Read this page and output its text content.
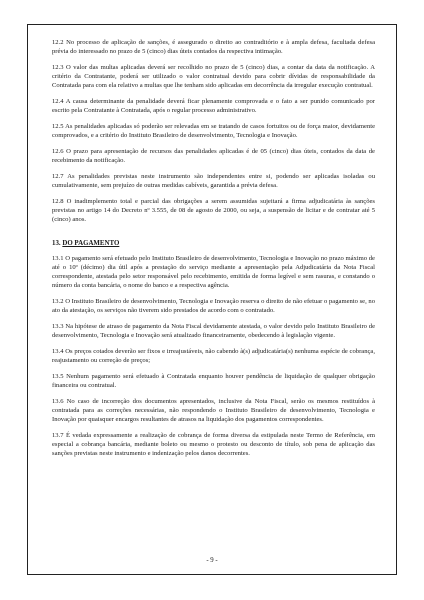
12.2 No processo de aplicação de sanções, é assegurado o direito ao contraditório e à ampla defesa, facultada defesa prévia do interessado no prazo de 5 (cinco) dias úteis contados da respectiva intimação.

12.3 O valor das multas aplicadas deverá ser recolhido no prazo de 5 (cinco) dias, a contar da data da notificação. A critério da Contratante, poderá ser utilizado o valor contratual devido para cobrir dívidas de responsabilidade da Contratada para com ela relativo a multas que lhe tenham sido aplicadas em decorrência da irregular execução contratual.

12.4 A causa determinante da penalidade deverá ficar plenamente comprovada e o fato a ser punido comunicado por escrito pela Contratante à Contratada, após o regular processo administrativo.

12.5 As penalidades aplicadas só poderão ser relevadas em se tratando de casos fortuitos ou de força maior, devidamente comprovados, e a critério do Instituto Brasileiro de desenvolvimento, Tecnologia e Inovação.

12.6 O prazo para apresentação de recursos das penalidades aplicadas é de 05 (cinco) dias úteis, contados da data de recebimento da notificação.

12.7 As penalidades previstas neste instrumento são independentes entre si, podendo ser aplicadas isoladas ou cumulativamente, sem prejuízo de outras medidas cabíveis, garantida a prévia defesa.

12.8 O inadimplemento total e parcial das obrigações a serem assumidas sujeitará a firma adjudicatária às sanções previstas no artigo 14 do Decreto nº 3.555, de 08 de agosto de 2000, ou seja, a suspensão de licitar e de contratar até 5 (cinco) anos.

13. DO PAGAMENTO

13.1 O pagamento será efetuado pelo Instituto Brasileiro de desenvolvimento, Tecnologia e Inovação no prazo máximo de até o 10º (décimo) dia útil após a prestação do serviço mediante a apresentação pela Adjudicatária da Nota Fiscal correspondente, atestada pelo setor responsável pelo recebimento, emitida de forma legível e sem rasuras, e constando o número da conta bancária, o nome do banco e a respectiva agência.

13.2 O Instituto Brasileiro de desenvolvimento, Tecnologia e Inovação reserva o direito de não efetuar o pagamento se, no ato da atestação, os serviços não tiverem sido prestados de acordo com o contratado.

13.3 Na hipótese de atraso de pagamento da Nota Fiscal devidamente atestada, o valor devido pelo Instituto Brasileiro de desenvolvimento, Tecnologia e Inovação será atualizado financeiramente, obedecendo à legislação vigente.

13.4 Os preços cotados deverão ser fixos e irreajustáveis, não cabendo à(s) adjudicatária(s) nenhuma espécie de cobrança, reajustamento ou correção de preços;

13.5 Nenhum pagamento será efetuado à Contratada enquanto houver pendência de liquidação de qualquer obrigação financeira ou contratual.

13.6 No caso de incorreção dos documentos apresentados, inclusive da Nota Fiscal, serão os mesmos restituídos à contratada para as correções necessárias, não respondendo o Instituto Brasileiro de desenvolvimento, Tecnologia e Inovação por quaisquer encargos resultantes de atrasos na liquidação dos pagamentos correspondentes.

13.7 É vedada expressamente a realização de cobrança de forma diversa da estipulada neste Termo de Referência, em especial a cobrança bancária, mediante boleto ou mesmo o protesto ou desconto de título, sob pena de aplicação das sanções previstas neste instrumento e indenização pelos danos decorrentes.

- 9 -
